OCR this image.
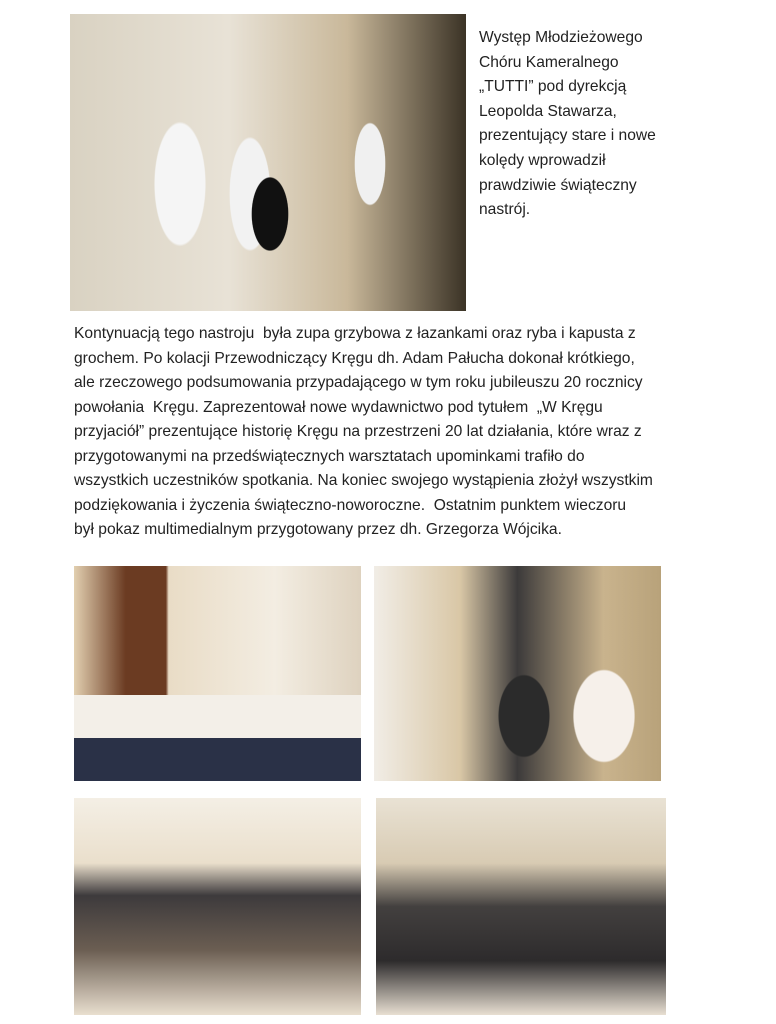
Występ Młodzieżowego
Chóru Kameralnego
„TUTTI” pod dyrekcją
Leopolda Stawarza,
prezentujący stare i nowe
kolędy wprowadził
prawdziwie świąteczny
nastrój.
Kontynuacją tego nastroju  była zupa grzybowa z łazankami oraz ryba i kapusta z
grochem. Po kolacji Przewodniczący Kręgu dh. Adam Pałucha dokonał krótkiego,
ale rzeczowego podsumowania przypadającego w tym roku jubileuszu 20 rocznicy
powołania  Kręgu. Zaprezentował nowe wydawnictwo pod tytułem  „W Kręgu
przyjaciół” prezentujące historię Kręgu na przestrzeni 20 lat działania, które wraz z
przygotowanymi na przedświątecznych warsztatach upominkami trafiło do
wszystkich uczestników spotkania. Na koniec swojego wystąpienia złożył wszystkim
podziękowania i życzenia świąteczno-noworoczne.  Ostatnim punktem wieczoru
był pokaz multimedialnym przygotowany przez dh. Grzegorza Wójcika.
